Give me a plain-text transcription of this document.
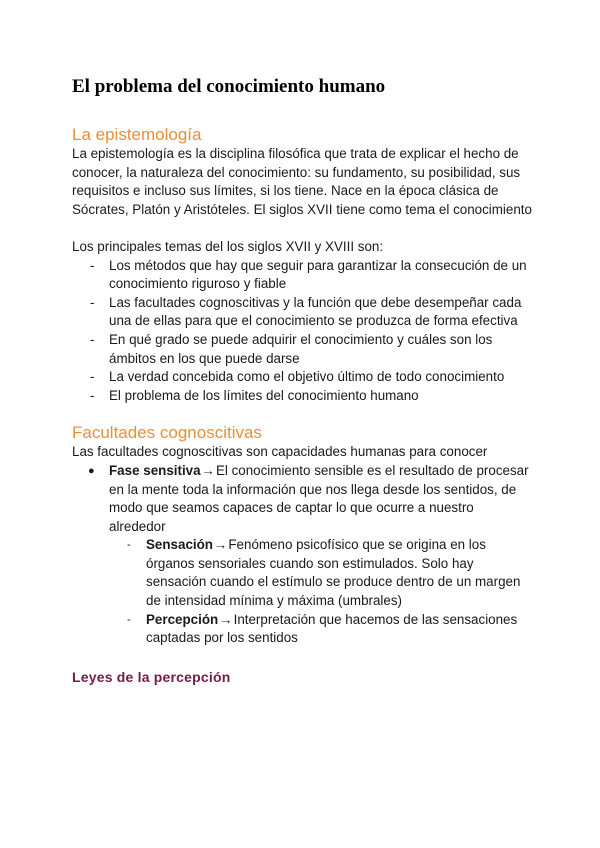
El problema del conocimiento humano
La epistemología

La epistemología es la disciplina filosófica que trata de explicar el hecho de conocer, la naturaleza del conocimiento: su fundamento, su posibilidad, sus requisitos e incluso sus límites, si los tiene. Nace en la época clásica de Sócrates, Platón y Aristóteles. El siglos XVII tiene como tema el conocimiento

Los principales temas del los siglos XVII y XVIII son:

- Los métodos que hay que seguir para garantizar la consecución de un conocimiento riguroso y fiable
- Las facultades cognoscitivas y la función que debe desempeñar cada una de ellas para que el conocimiento se produzca de forma efectiva
- En qué grado se puede adquirir el conocimiento y cuáles son los ámbitos en los que puede darse
- La verdad concebida como el objetivo último de todo conocimiento
- El problema de los límites del conocimiento humano
Facultades cognoscitivas

Las facultades cognoscitivas son capacidades humanas para conocer

● Fase sensitiva→El conocimiento sensible es el resultado de procesar en la mente toda la información que nos llega desde los sentidos, de modo que seamos capaces de captar lo que ocurre a nuestro alrededor
- Sensación→Fenómeno psicofísico que se origina en los órganos sensoriales cuando son estimulados. Solo hay sensación cuando el estímulo se produce dentro de un margen de intensidad mínima y máxima (umbrales)
- Percepción→Interpretación que hacemos de las sensaciones captadas por los sentidos
Leyes de la percepción
